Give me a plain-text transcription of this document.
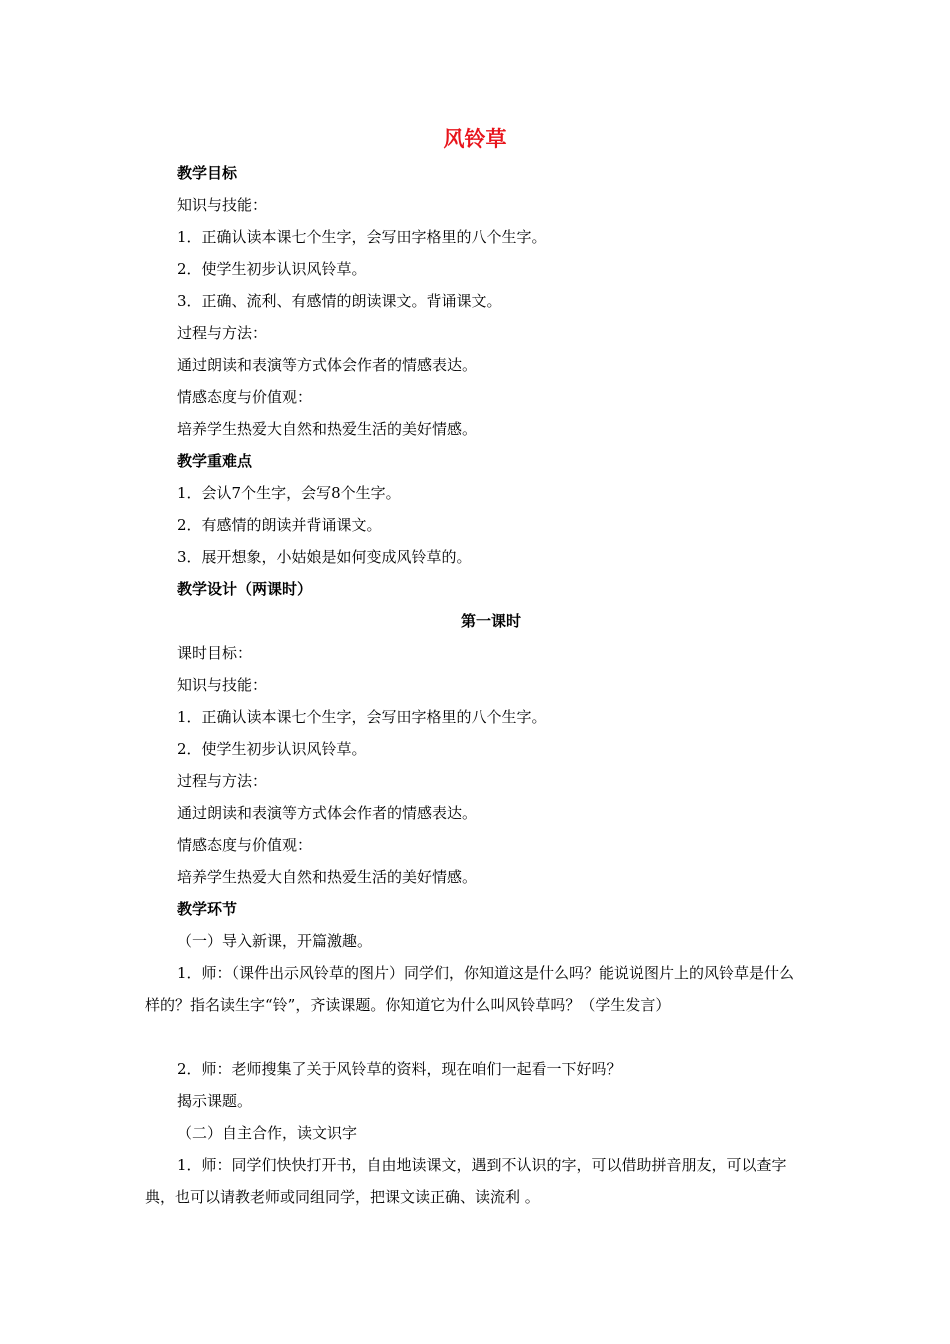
风铃草
教学目标
知识与技能：
1．正确认读本课七个生字，会写田字格里的八个生字。
2．使学生初步认识风铃草。
3．正确、流利、有感情的朗读课文。背诵课文。
过程与方法：
通过朗读和表演等方式体会作者的情感表达。
情感态度与价值观：
培养学生热爱大自然和热爱生活的美好情感。
教学重难点
1．会认7个生字，会写8个生字。
2．有感情的朗读并背诵课文。
3．展开想象，小姑娘是如何变成风铃草的。
教学设计（两课时）
第一课时
课时目标：
知识与技能：
1．正确认读本课七个生字，会写田字格里的八个生字。
2．使学生初步认识风铃草。
过程与方法：
通过朗读和表演等方式体会作者的情感表达。
情感态度与价值观：
培养学生热爱大自然和热爱生活的美好情感。
教学环节
（一）导入新课，开篇激趣。
1．师：（课件出示风铃草的图片）同学们，你知道这是什么吗？能说说图片上的风铃草是什么样的？指名读生字“铃”，齐读课题。你知道它为什么叫风铃草吗？（学生发言）
2．师：老师搜集了关于风铃草的资料，现在咱们一起看一下好吗？
揭示课题。
（二）自主合作，读文识字
1．师：同学们快快打开书，自由地读课文，遇到不认识的字，可以借助拼音朋友，可以查字典，也可以请教老师或同组同学，把课文读正确、读流利 。
